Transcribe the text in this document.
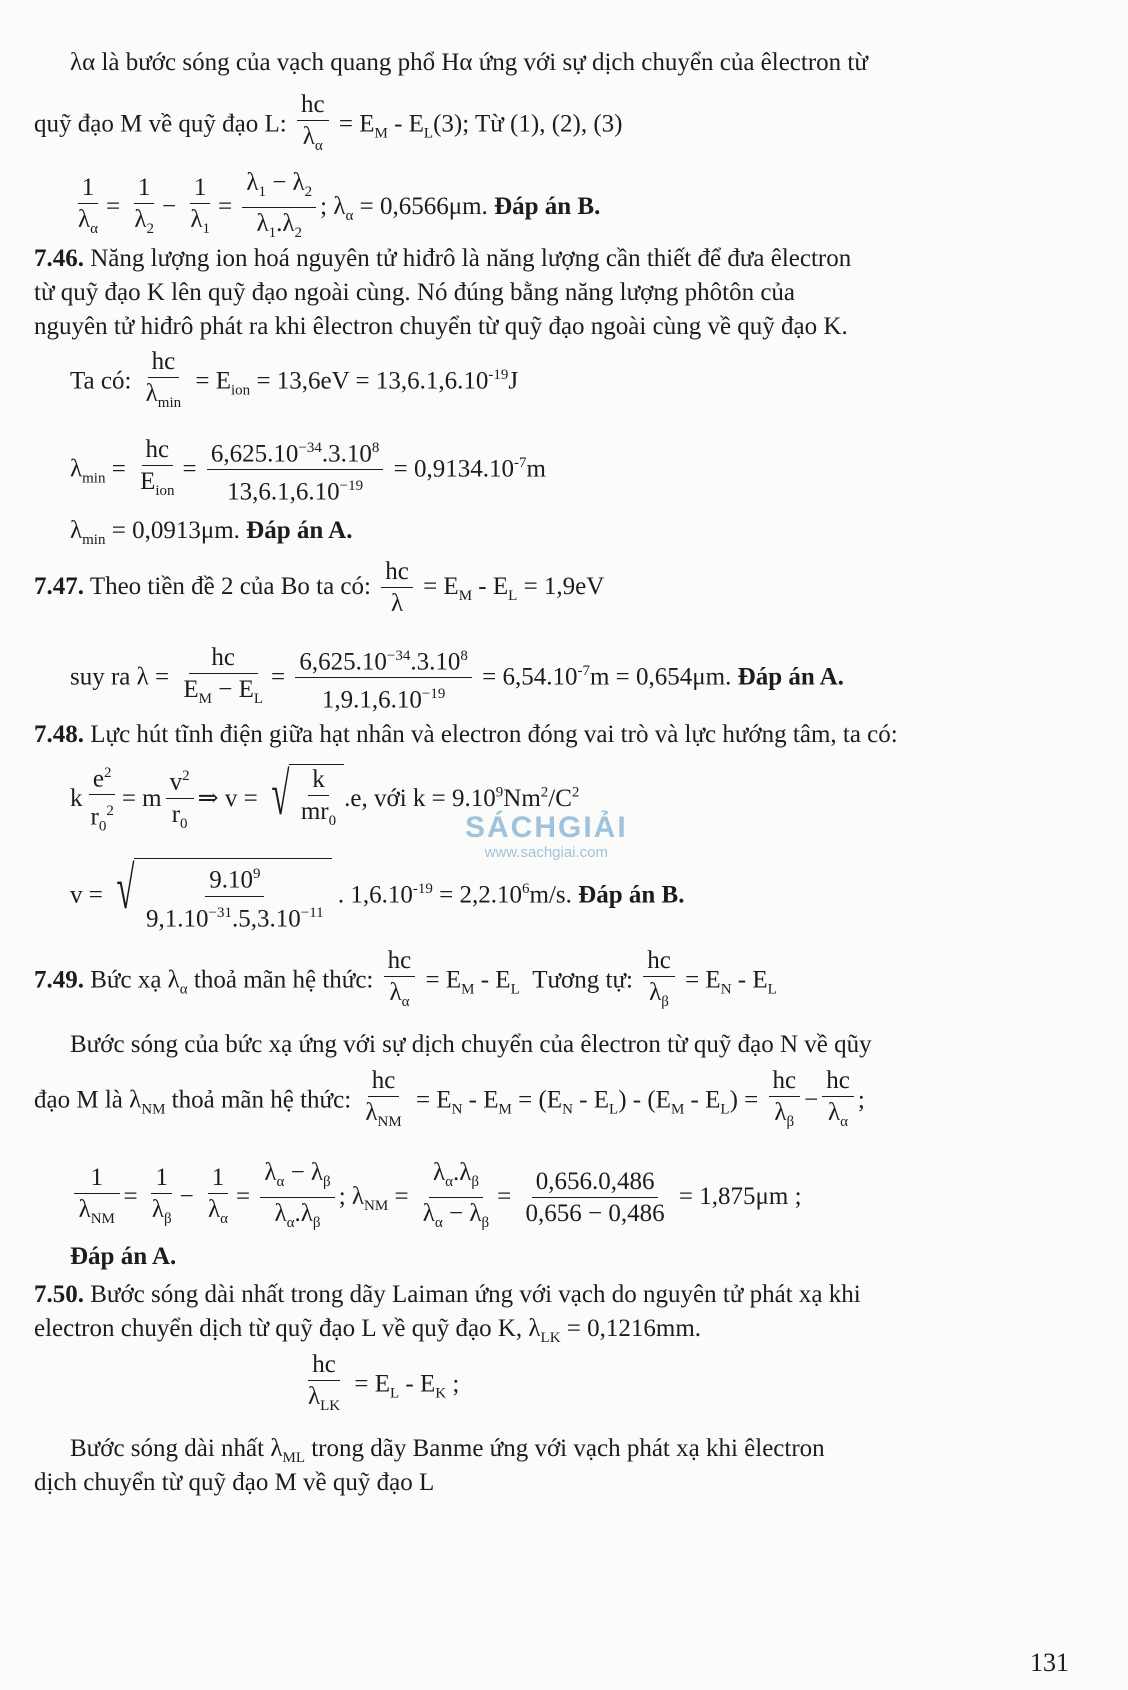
λα là bước sóng của vạch quang phổ Hα ứng với sự dịch chuyển của êlectron từ
quỹ đạo M về quỹ đạo L: $\frac{hc}{\lambda_\alpha} = E_M - E_L(3)$; Từ (1), (2), (3)
$\frac{1}{\lambda_\alpha} = \frac{1}{\lambda_2} - \frac{1}{\lambda_1} = \frac{\lambda_1 - \lambda_2}{\lambda_1.\lambda_2}$ ; $\lambda_\alpha = 0,6566\mu m$. Đáp án B.
7.46. Năng lượng ion hoá nguyên tử hiđrô là năng lượng cần thiết để đưa êlectron
từ quỹ đạo K lên quỹ đạo ngoài cùng. Nó đúng bằng năng lượng phôtôn của
nguyên tử hiđrô phát ra khi êlectron chuyển từ quỹ đạo ngoài cùng về quỹ đạo K.
Ta có:
hc
$\lambda_{min}$
= $E_{ion} = 13,6eV = 13,6.1,6.10^{-19}J$
$\lambda_{min}$ =
hc
$E_{ion}$
= $\frac{6,625.10^{-34}.3.10^8}{13,6.1,6.10^{-19}} = 0,9134.10^{-7}m$
$\lambda_{min} = 0,0913\mu m$. Đáp án A.
7.47. Theo tiền đề 2 của Bo ta có: $\frac{hc}{\lambda} = E_M - E_L = 1,9eV$
suy ra $\lambda = \frac{hc}{E_M - E_L} = \frac{6,625.10^{-34}.3.10^8}{1,9.1,6.10^{-19}} = 6,54.10^{-7}m = 0,654\mu m$. Đáp án A.
7.48. Lực hút tĩnh điện giữa hạt nhân và electron đóng vai trò và lực hướng tâm, ta có:
k $\frac{e^2}{r_0^2} = m \frac{v^2}{r_0}$ ⇒ v = √ $\frac{k}{mr_0} .e$, với $k = 9.10^9Nm^2/C^2$
v = √ $\frac{9.10^9}{9,1.10^{-31}.5,3.10^{-11}}$ . $1,6.10^{-19} = 2,2.10^6m/s$. Đáp án B.
7.49. Bức xạ $\lambda_\alpha$ thoả mãn hệ thức: $\frac{hc}{\lambda_\alpha} = E_M - E_L$ Tương tự: $\frac{hc}{\lambda_\beta} = E_N - E_L$
Bước sóng của bức xạ ứng với sự dịch chuyển của êlectron từ quỹ đạo N về qũy
đạo M là $\lambda_{NM}$ thoả mãn hệ thức:
hc
$\lambda_{NM}$
= $E_N - E_M = (E_N - E_L) - (E_M - E_L) = \frac{hc}{\lambda_\beta} - \frac{hc}{\lambda_\alpha}$ ;
1
$\lambda_{NM}$
= $\frac{1}{\lambda_\beta} - \frac{1}{\lambda_\alpha} = \frac{\lambda_\alpha - \lambda_\beta}{\lambda_\alpha.\lambda_\beta}$ ; $\lambda_{NM} = \frac{\lambda_\alpha.\lambda_\beta}{\lambda_\alpha - \lambda_\beta} = \frac{0,656.0,486}{0,656 - 0,486} = 1,875\mu m$ ;
Đáp án A.
7.50. Bước sóng dài nhất trong dãy Laiman ứng với vạch do nguyên tử phát xạ khi
electron chuyển dịch từ quỹ đạo L về quỹ đạo K, $\lambda_{LK} = 0,1216mm$.
hc
$\lambda_{LK}$
= $E_L - E_K$ ;
Bước sóng dài nhất $\lambda_{ML}$ trong dãy Banme ứng với vạch phát xạ khi êlectron
dịch chuyển từ quỹ đạo M về quỹ đạo L
SÁCHGIẢI
www.sachgiai.com
131
